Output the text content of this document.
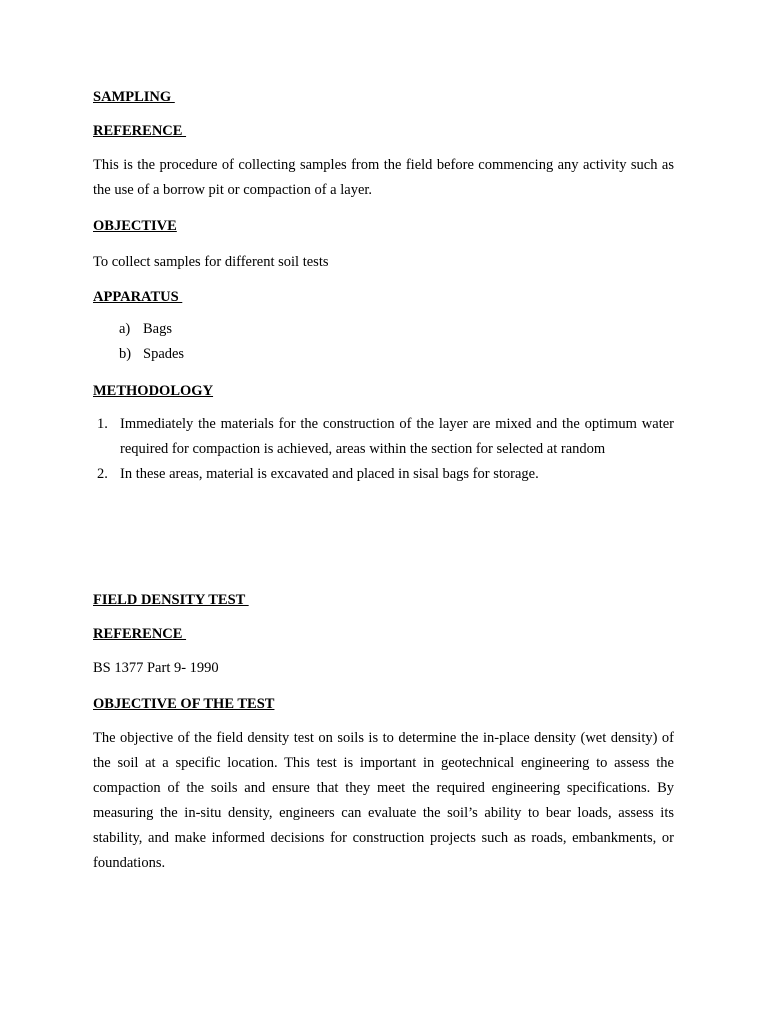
SAMPLING
REFERENCE
This is the procedure of collecting samples from the field before commencing any activity such as the use of a borrow pit or compaction of a layer.
OBJECTIVE
To collect samples for different soil tests
APPARATUS
a) Bags
b) Spades
METHODOLOGY
1. Immediately the materials for the construction of the layer are mixed and the optimum water required for compaction is achieved, areas within the section for selected at random
2. In these areas, material is excavated and placed in sisal bags for storage.
FIELD DENSITY TEST
REFERENCE
BS 1377 Part 9- 1990
OBJECTIVE OF THE TEST
The objective of the field density test on soils is to determine the in-place density (wet density) of the soil at a specific location. This test is important in geotechnical engineering to assess the compaction of the soils and ensure that they meet the required engineering specifications. By measuring the in-situ density, engineers can evaluate the soil’s ability to bear loads, assess its stability, and make informed decisions for construction projects such as roads, embankments, or foundations.
